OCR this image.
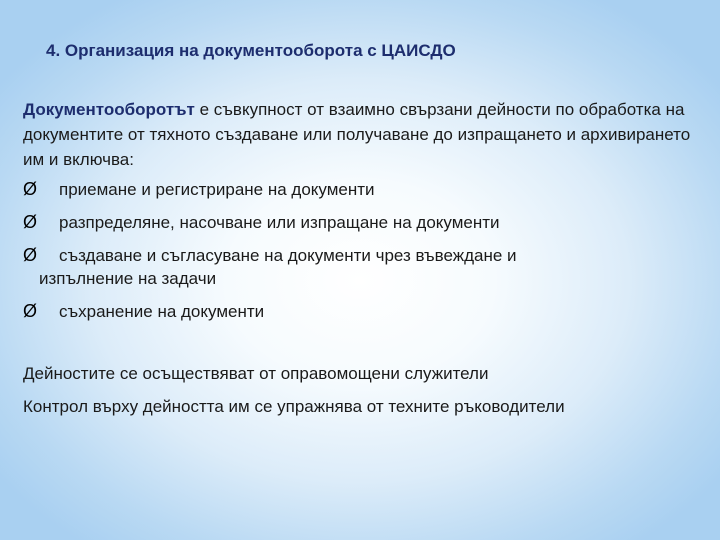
4. Организация на документооборота с ЦАИСДО

Документооборотът е съвкупност от взаимно свързани дейности по обработка на документите от тяхното създаване или получаване до изпращането и архивирането им и включва:

Ø приемане и регистриране на документи
Ø разпределяне, насочване или изпращане на документи
Ø създаване и съгласуване на документи чрез въвеждане и
изпълнение на задачи
Ø съхранение на документи

Дейностите се осъществяват от оправомощени служители

Контрол върху дейността им се упражнява от техните ръководители
